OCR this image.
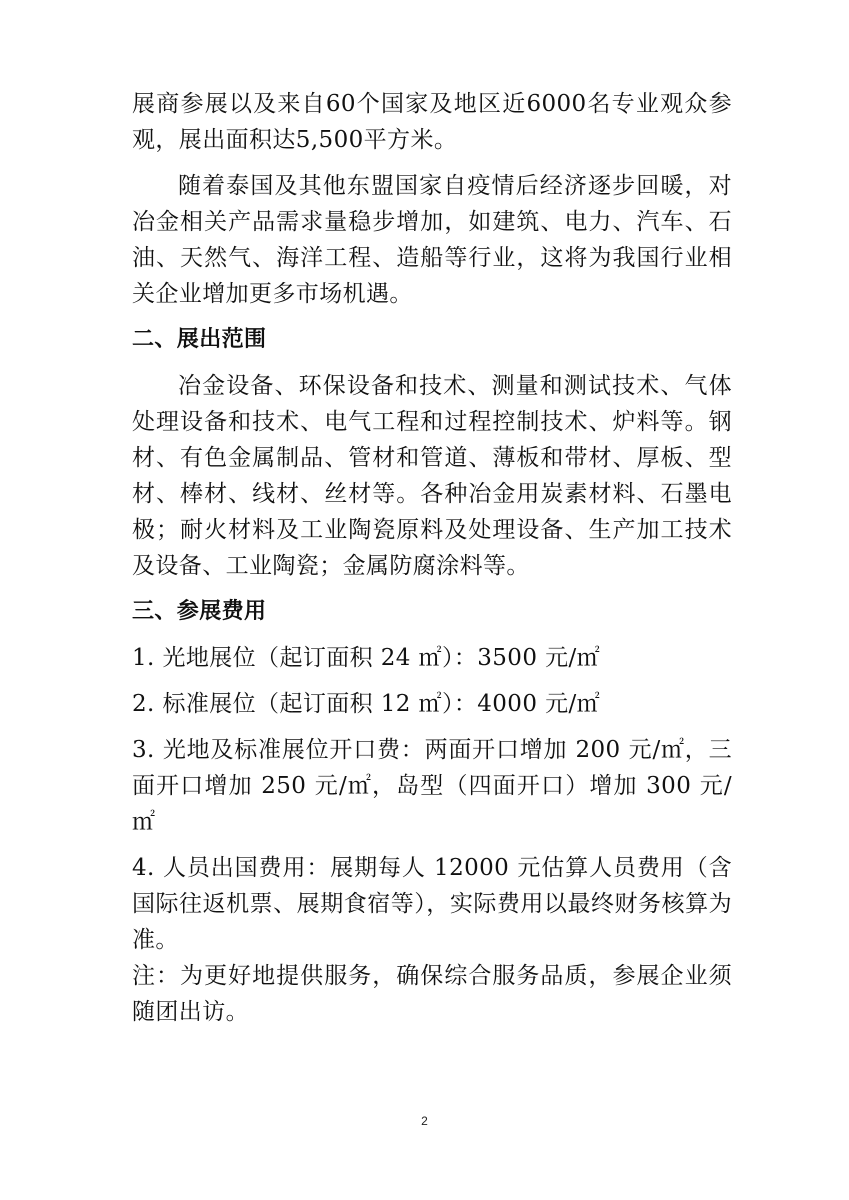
展商参展以及来自60个国家及地区近6000名专业观众参观，展出面积达5,500平方米。

随着泰国及其他东盟国家自疫情后经济逐步回暖，对冶金相关产品需求量稳步增加，如建筑、电力、汽车、石油、天然气、海洋工程、造船等行业，这将为我国行业相关企业增加更多市场机遇。

二、展出范围

冶金设备、环保设备和技术、测量和测试技术、气体处理设备和技术、电气工程和过程控制技术、炉料等。钢材、有色金属制品、管材和管道、薄板和带材、厚板、型材、棒材、线材、丝材等。各种冶金用炭素材料、石墨电极；耐火材料及工业陶瓷原料及处理设备、生产加工技术及设备、工业陶瓷；金属防腐涂料等。

三、参展费用

1. 光地展位（起订面积 24 ㎡）：3500 元/㎡

2. 标准展位（起订面积 12 ㎡）：4000 元/㎡

3. 光地及标准展位开口费：两面开口增加 200 元/㎡，三面开口增加 250 元/㎡，岛型（四面开口）增加 300 元/㎡

4. 人员出国费用：展期每人 12000 元估算人员费用（含国际往返机票、展期食宿等），实际费用以最终财务核算为准。

注：为更好地提供服务，确保综合服务品质，参展企业须随团出访。

2
